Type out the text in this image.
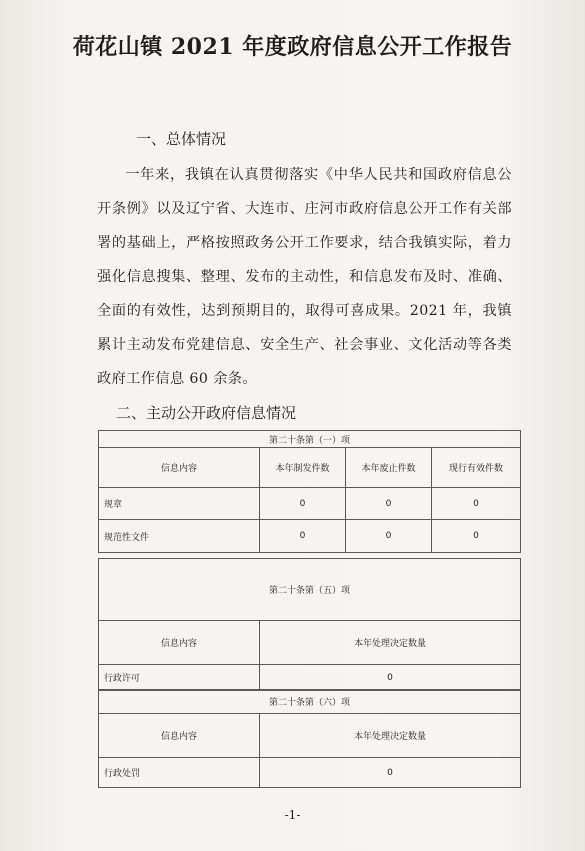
荷花山镇 2021 年度政府信息公开工作报告
一、总体情况
一年来，我镇在认真贯彻落实《中华人民共和国政府信息公开条例》以及辽宁省、大连市、庄河市政府信息公开工作有关部署的基础上，严格按照政务公开工作要求，结合我镇实际，着力强化信息搜集、整理、发布的主动性，和信息发布及时、准确、全面的有效性，达到预期目的，取得可喜成果。2021 年，我镇累计主动发布党建信息、安全生产、社会事业、文化活动等各类政府工作信息 60 余条。
二、主动公开政府信息情况
第二十条第（一）项			
信息内容	本年制发件数	本年废止件数	现行有效件数
规章	0	0	0
规范性文件	0	0	0
第二十条第（五）项	
信息内容	本年处理决定数量
行政许可	0
第二十条第（六）项	
信息内容	本年处理决定数量
行政处罚	0
-1-
